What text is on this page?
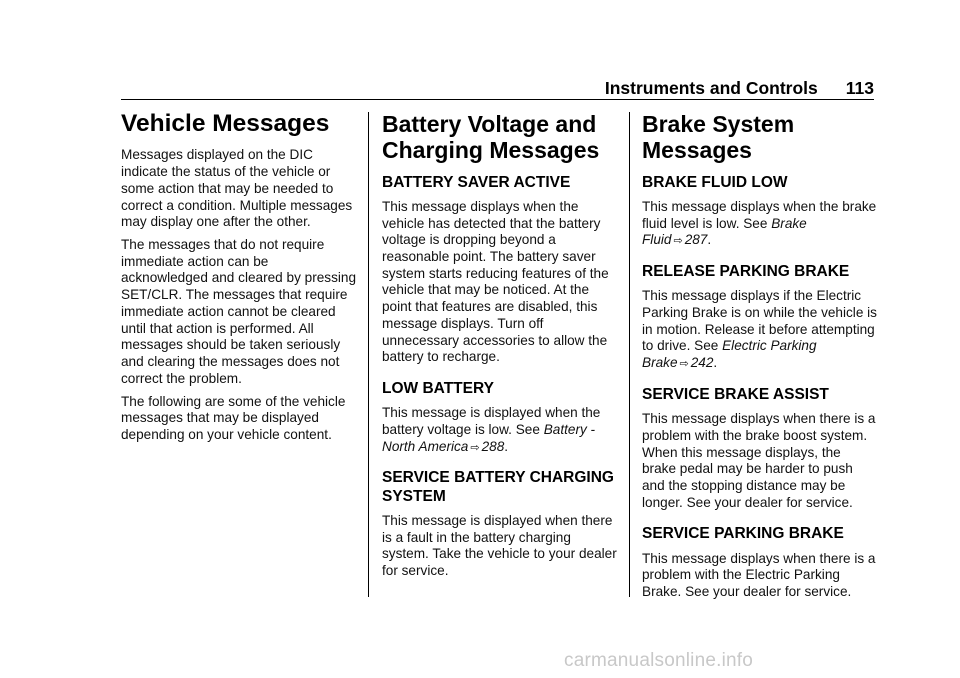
Instruments and Controls 113
Vehicle Messages

Messages displayed on the DIC indicate the status of the vehicle or some action that may be needed to correct a condition. Multiple messages may display one after the other.

The messages that do not require immediate action can be acknowledged and cleared by pressing SET/CLR. The messages that require immediate action cannot be cleared until that action is performed. All messages should be taken seriously and clearing the messages does not correct the problem.

The following are some of the vehicle messages that may be displayed depending on your vehicle content.

Battery Voltage and Charging Messages
BATTERY SAVER ACTIVE

This message displays when the vehicle has detected that the battery voltage is dropping beyond a reasonable point. The battery saver system starts reducing features of the vehicle that may be noticed. At the point that features are disabled, this message displays. Turn off unnecessary accessories to allow the battery to recharge.

LOW BATTERY

This message is displayed when the battery voltage is low. See Battery - North America ⇨ 288.

SERVICE BATTERY CHARGING SYSTEM

This message is displayed when there is a fault in the battery charging system. Take the vehicle to your dealer for service.

Brake System Messages
BRAKE FLUID LOW

This message displays when the brake fluid level is low. See Brake Fluid ⇨ 287.

RELEASE PARKING BRAKE

This message displays if the Electric Parking Brake is on while the vehicle is in motion. Release it before attempting to drive. See Electric Parking Brake ⇨ 242.

SERVICE BRAKE ASSIST

This message displays when there is a problem with the brake boost system. When this message displays, the brake pedal may be harder to push and the stopping distance may be longer. See your dealer for service.

SERVICE PARKING BRAKE

This message displays when there is a problem with the Electric Parking Brake. See your dealer for service.

carmanualsonline.info
